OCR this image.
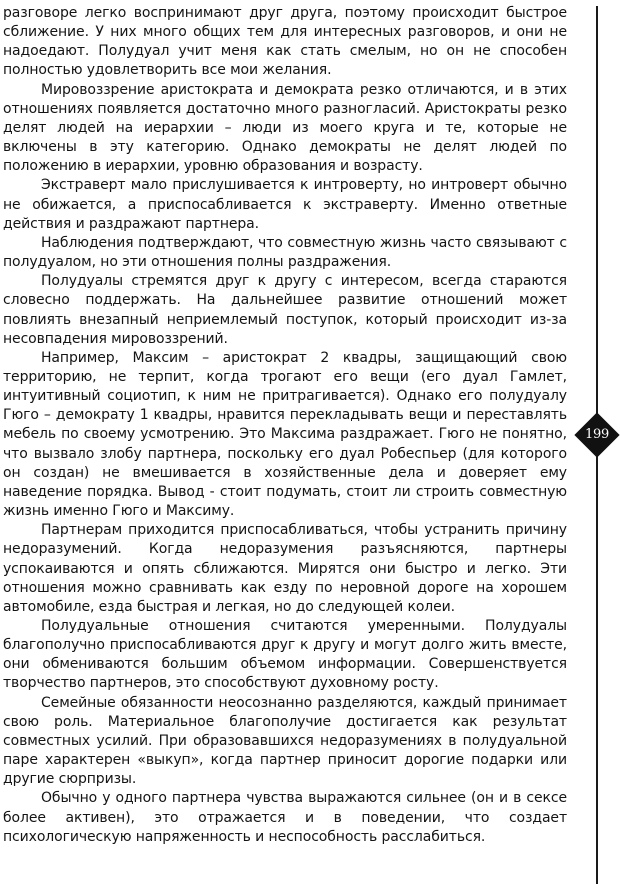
разговоре легко воспринимают друг друга, поэтому происходит быстрое сближение. У них много общих тем для интересных разговоров, и они не надоедают. Полудуал учит меня как стать смелым, но он не способен полностью удовлетворить все мои желания.

Мировоззрение аристократа и демократа резко отличаются, и в этих отношениях появляется достаточно много разногласий. Аристократы резко делят людей на иерархии – люди из моего круга и те, которые не включены в эту категорию. Однако демократы не делят людей по положению в иерархии, уровню образования и возрасту.

Экстраверт мало прислушивается к интроверту, но интроверт обычно не обижается, а приспосабливается к экстраверту. Именно ответные действия и раздражают партнера.

Наблюдения подтверждают, что совместную жизнь часто связывают с полудуалом, но эти отношения полны раздражения.

Полудуалы стремятся друг к другу с интересом, всегда стараются словесно поддержать. На дальнейшее развитие отношений может повлиять внезапный неприемлемый поступок, который происходит из-за несовпадения мировоззрений.

Например, Максим – аристократ 2 квадры, защищающий свою территорию, не терпит, когда трогают его вещи (его дуал Гамлет, интуитивный социотип, к ним не притрагивается). Однако его полудуалу Гюго – демократу 1 квадры, нравится перекладывать вещи и переставлять мебель по своему усмотрению. Это Максима раздражает. Гюго не понятно, что вызвало злобу партнера, поскольку его дуал Робеспьер (для которого он создан) не вмешивается в хозяйственные дела и доверяет ему наведение порядка. Вывод - стоит подумать, стоит ли строить совместную жизнь именно Гюго и Максиму.

Партнерам приходится приспосабливаться, чтобы устранить причину недоразумений. Когда недоразумения разъясняются, партнеры успокаиваются и опять сближаются. Мирятся они быстро и легко. Эти отношения можно сравнивать как езду по неровной дороге на хорошем автомобиле, езда быстрая и легкая, но до следующей колеи.

Полудуальные отношения считаются умеренными. Полудуалы благополучно приспосабливаются друг к другу и могут долго жить вместе, они обмениваются большим объемом информации. Совершенствуется творчество партнеров, это способствуют духовному росту.

Семейные обязанности неосознанно разделяются, каждый принимает свою роль. Материальное благополучие достигается как результат совместных усилий. При образовавшихся недоразумениях в полудуальной паре характерен «выкуп», когда партнер приносит дорогие подарки или другие сюрпризы.

Обычно у одного партнера чувства выражаются сильнее (он и в сексе более активен), это отражается и в поведении, что создает психологическую напряженность и неспособность расслабиться.

199
